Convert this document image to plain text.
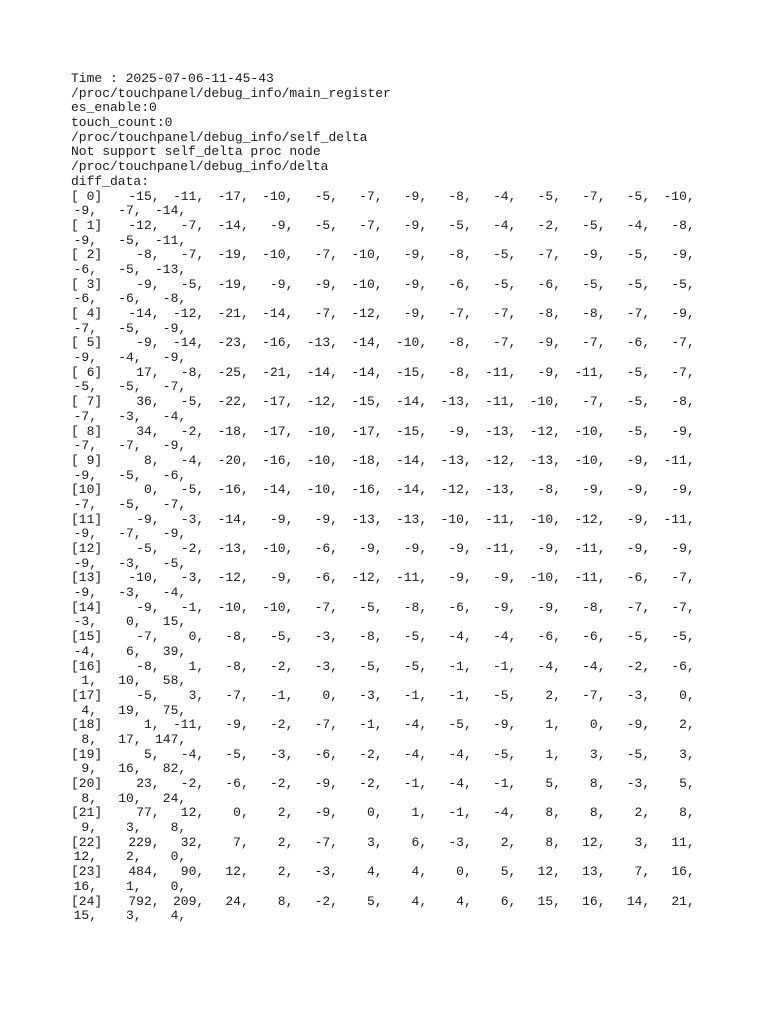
Time : 2025-07-06-11-45-43
/proc/touchpanel/debug_info/main_register
es_enable:0
touch_count:0
/proc/touchpanel/debug_info/self_delta
Not support self_delta proc node
/proc/touchpanel/debug_info/delta
diff_data:
[ 0] -15, -11, -17, -10, -5, -7, -9, -8, -4, -5, -7, -5, -10,
-9, -7, -14,
[ 1] -12, -7, -14, -9, -5, -7, -9, -5, -4, -2, -5, -4, -8,
-9, -5, -11,
[ 2]	-8, -7, -19, -10, -7, -10, -9, -8, -5, -7, -9, -5, -9,
-6, -5, -13,
[ 3]	-9, -5, -19, -9, -9, -10, -9, -6, -5, -6, -5, -5, -5,
-6, -6, -8,
[ 4] -14, -12, -21, -14, -7, -12, -9, -7, -7, -8, -8, -7, -9,
-7, -5, -9,
[ 5]	-9, -14, -23, -16, -13, -14, -10, -8, -7, -9, -7, -6, -7,
-9, -4, -9,
[ 6]	17, -8, -25, -21, -14, -14, -15, -8, -11, -9, -11, -5, -7,
-5, -5, -7,
[ 7]	36, -5, -22, -17, -12, -15, -14, -13, -11, -10, -7, -5, -8,
-7, -3, -4,
[ 8]	34, -2, -18, -17, -10, -17, -15, -9, -13, -12, -10, -5, -9,
-7, -7, -9,
[ 9]	8, -4, -20, -16, -10, -18, -14, -13, -12, -13, -10, -9, -11,
-9, -5, -6,
[10]	0, -5, -16, -14, -10, -16, -14, -12, -13, -8, -9, -9, -9,
-7, -5, -7,
[11]	-9, -3, -14, -9, -9, -13, -13, -10, -11, -10, -12, -9, -11,
-9, -7, -9,
[12]	-5, -2, -13, -10, -6, -9, -9, -9, -11, -9, -11, -9, -9,
-9, -3, -5,
[13] -10, -3, -12, -9, -6, -12, -11, -9, -9, -10, -11, -6, -7,
-9, -3, -4,
[14]	-9, -1, -10, -10, -7, -5, -8, -6, -9, -9, -8, -7, -7,
-3, 0, 15,
[15]	-7, 0, -8, -5, -3, -8, -5, -4, -4, -6, -6, -5, -5,
-4, 6, 39,
[16]	-8, 1, -8, -2, -3, -5, -5, -1, -1, -4, -4, -2, -6,
1, 10, 58,
[17]	-5, 3, -7, -1, 0, -3, -1, -1, -5, 2, -7, -3, 0,
4, 19, 75,
[18]	1, -11, -9, -2, -7, -1, -4, -5, -9, 1, 0, -9, 2,
8, 17, 147,
[19]	5, -4, -5, -3, -6, -2, -4, -4, -5, 1, 3, -5, 3,
9, 16, 82,
[20]	23, -2, -6, -2, -9, -2, -1, -4, -1, 5, 8, -3, 5,
8, 10, 24,
[21]	77, 12, 0, 2, -9, 0, 1, -1, -4, 8, 8, 2, 8,
9, 3, 8,
[22] 229, 32, 7, 2, -7, 3, 6, -3, 2, 8, 12, 3, 11,
12, 2, 0,
[23] 484, 90, 12, 2, -3, 4, 4, 0, 5, 12, 13, 7, 16,
16, 1, 0,
[24] 792, 209, 24, 8, -2, 5, 4, 4, 6, 15, 16, 14, 21,
15, 3, 4,
